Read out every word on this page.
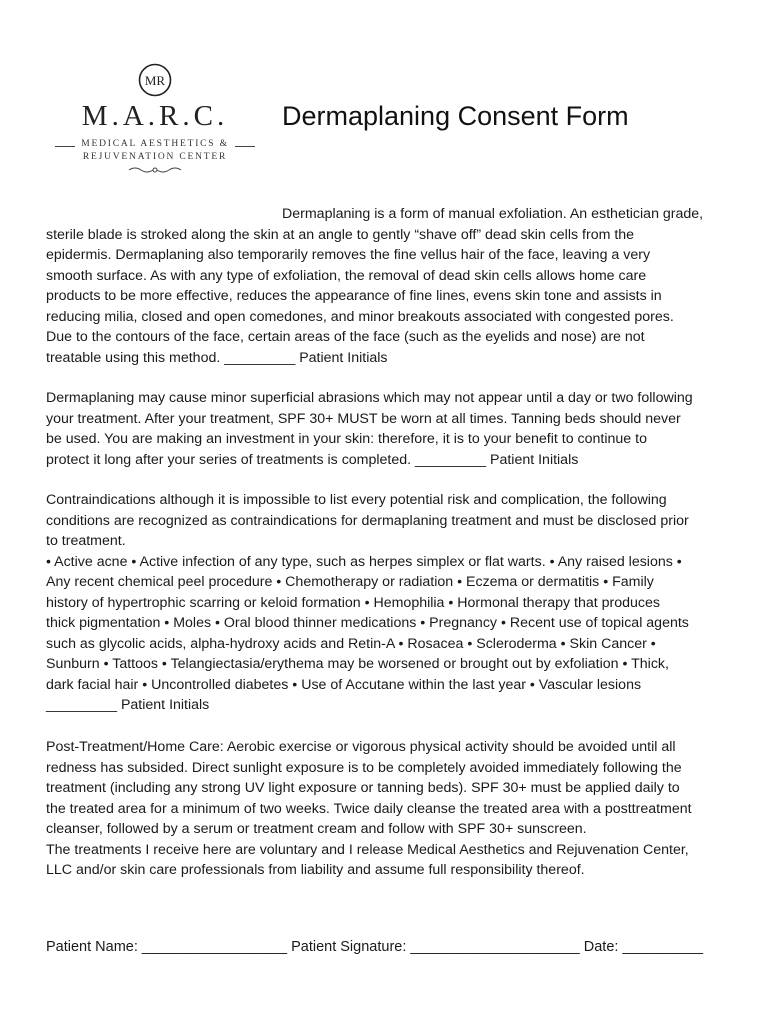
MR
M.A.R.C.
MEDICAL AESTHETICS &
REJUVENATION CENTER
Dermaplaning Consent Form
Dermaplaning is a form of manual exfoliation. An esthetician grade,
sterile blade is stroked along the skin at an angle to gently “shave off” dead skin cells from the
epidermis. Dermaplaning also temporarily removes the fine vellus hair of the face, leaving a very
smooth surface. As with any type of exfoliation, the removal of dead skin cells allows home care
products to be more effective, reduces the appearance of fine lines, evens skin tone and assists in
reducing milia, closed and open comedones, and minor breakouts associated with congested pores.
Due to the contours of the face, certain areas of the face (such as the eyelids and nose) are not
treatable using this method. _________ Patient Initials
Dermaplaning may cause minor superficial abrasions which may not appear until a day or two following
your treatment. After your treatment, SPF 30+ MUST be worn at all times. Tanning beds should never
be used. You are making an investment in your skin: therefore, it is to your benefit to continue to
protect it long after your series of treatments is completed. _________ Patient Initials
Contraindications although it is impossible to list every potential risk and complication, the following
conditions are recognized as contraindications for dermaplaning treatment and must be disclosed prior
to treatment.
• Active acne • Active infection of any type, such as herpes simplex or flat warts. • Any raised lesions •
Any recent chemical peel procedure • Chemotherapy or radiation • Eczema or dermatitis • Family
history of hypertrophic scarring or keloid formation • Hemophilia • Hormonal therapy that produces
thick pigmentation • Moles • Oral blood thinner medications • Pregnancy • Recent use of topical agents
such as glycolic acids, alpha-hydroxy acids and Retin-A • Rosacea • Scleroderma • Skin Cancer •
Sunburn • Tattoos • Telangiectasia/erythema may be worsened or brought out by exfoliation • Thick,
dark facial hair • Uncontrolled diabetes • Use of Accutane within the last year • Vascular lesions
_________ Patient Initials
Post-Treatment/Home Care: Aerobic exercise or vigorous physical activity should be avoided until all
redness has subsided. Direct sunlight exposure is to be completely avoided immediately following the
treatment (including any strong UV light exposure or tanning beds). SPF 30+ must be applied daily to
the treated area for a minimum of two weeks. Twice daily cleanse the treated area with a posttreatment
cleanser, followed by a serum or treatment cream and follow with SPF 30+ sunscreen.
The treatments I receive here are voluntary and I release Medical Aesthetics and Rejuvenation Center,
LLC and/or skin care professionals from liability and assume full responsibility thereof.
Patient Name: __________________ Patient Signature: _____________________ Date: __________
